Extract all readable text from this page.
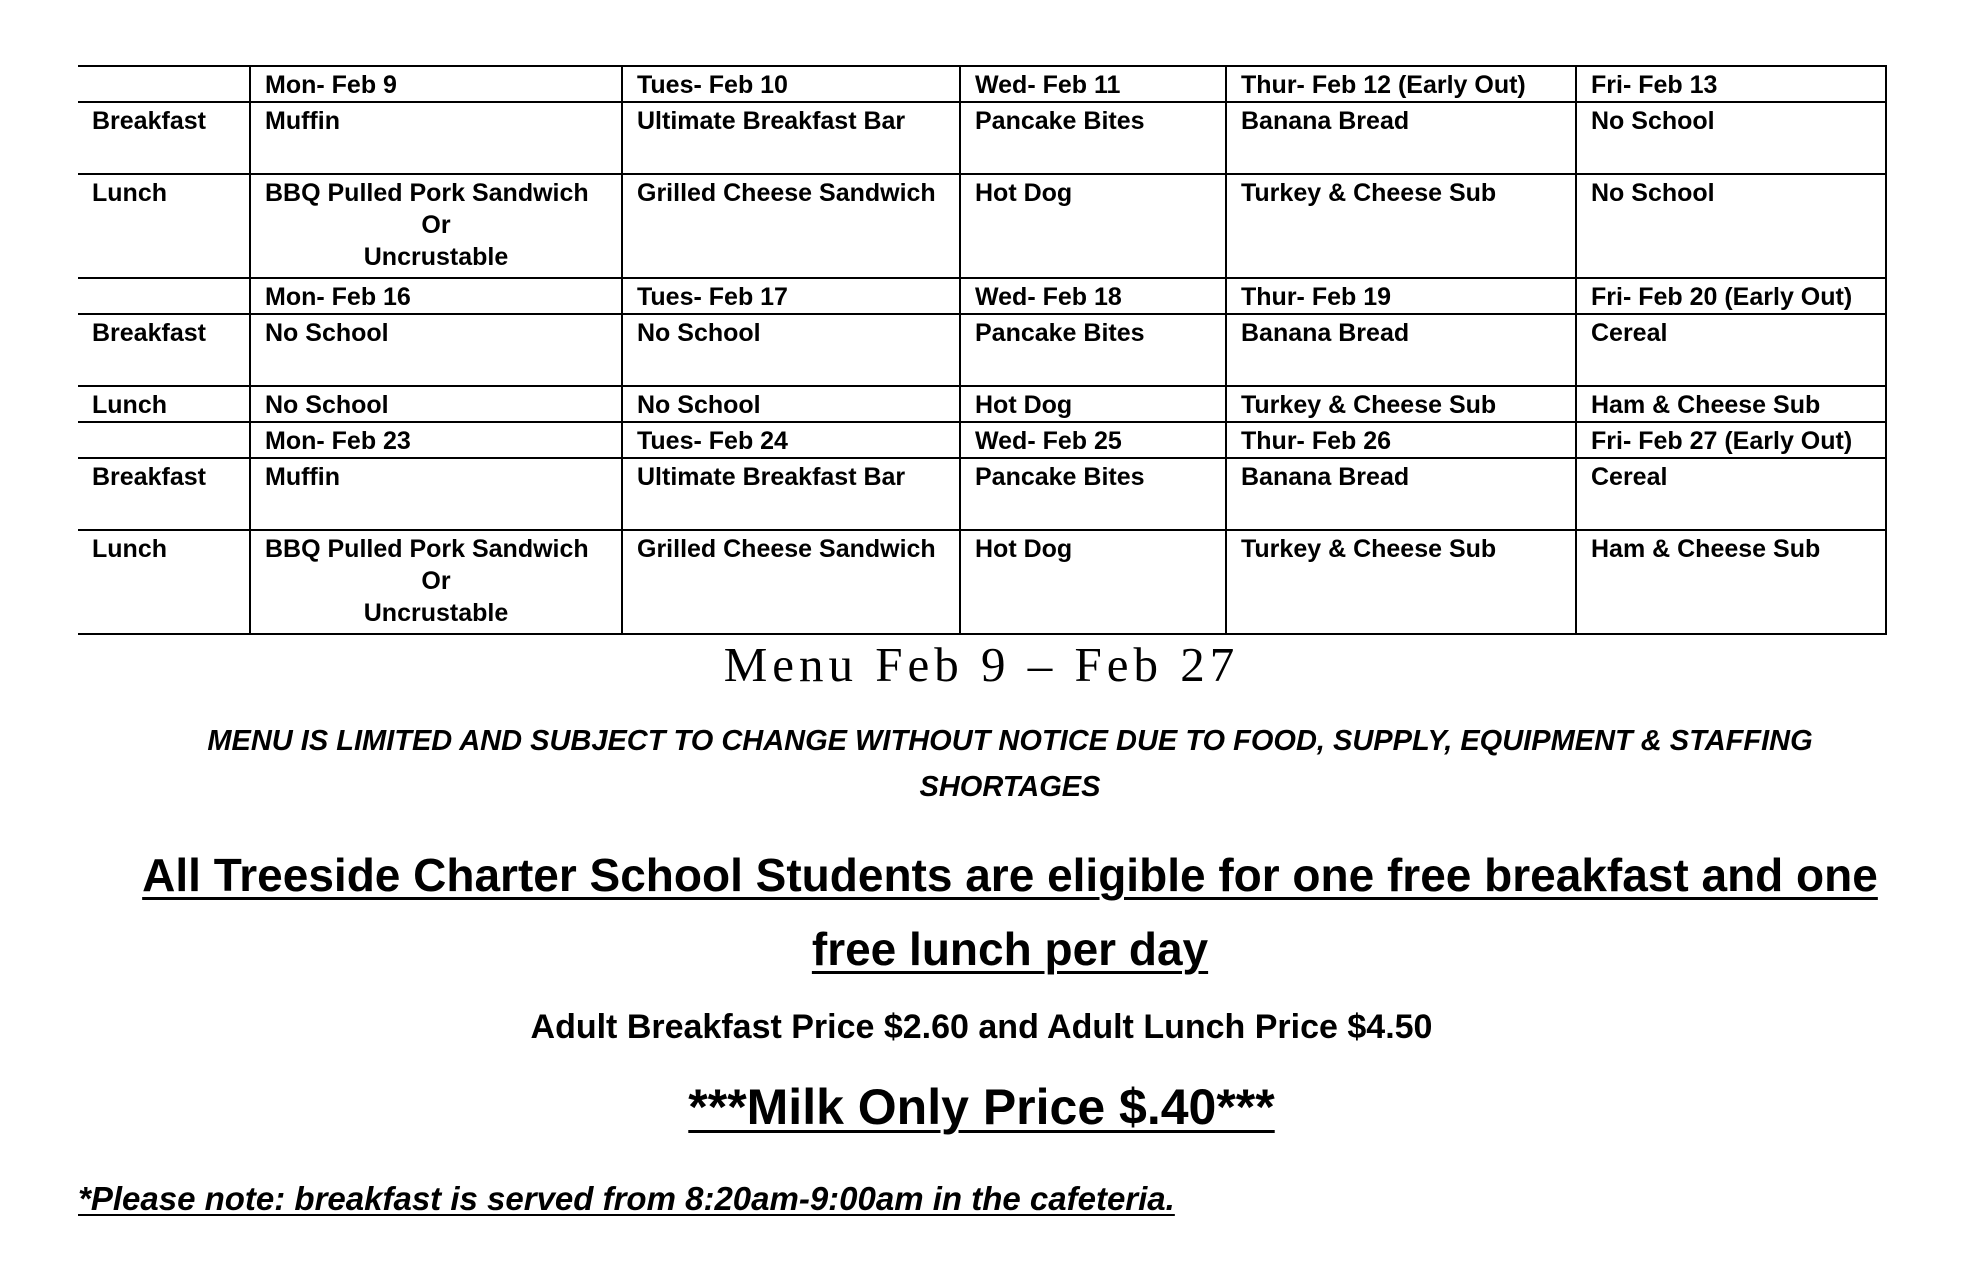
	Mon- Feb 9	Tues- Feb 10	Wed- Feb 11	Thur- Feb 12 (Early Out)	Fri- Feb 13
Breakfast	Muffin	Ultimate Breakfast Bar	Pancake Bites	Banana Bread	No School
Lunch	BBQ Pulled Pork Sandwich
Or
Uncrustable	Grilled Cheese Sandwich	Hot Dog	Turkey & Cheese Sub	No School
	Mon- Feb 16	Tues- Feb 17	Wed- Feb 18	Thur- Feb 19	Fri- Feb 20 (Early Out)
Breakfast	No School	No School	Pancake Bites	Banana Bread	Cereal
Lunch	No School	No School	Hot Dog	Turkey & Cheese Sub	Ham & Cheese Sub
	Mon- Feb 23	Tues- Feb 24	Wed- Feb 25	Thur- Feb 26	Fri- Feb 27 (Early Out)
Breakfast	Muffin	Ultimate Breakfast Bar	Pancake Bites	Banana Bread	Cereal
Lunch	BBQ Pulled Pork Sandwich
Or
Uncrustable	Grilled Cheese Sandwich	Hot Dog	Turkey & Cheese Sub	Ham & Cheese Sub
Menu Feb 9 – Feb 27
MENU IS LIMITED AND SUBJECT TO CHANGE WITHOUT NOTICE DUE TO FOOD, SUPPLY, EQUIPMENT & STAFFING SHORTAGES
All Treeside Charter School Students are eligible for one free breakfast and one free lunch per day
Adult Breakfast Price $2.60 and Adult Lunch Price $4.50
***Milk Only Price $.40***
*Please note: breakfast is served from 8:20am-9:00am in the cafeteria.
